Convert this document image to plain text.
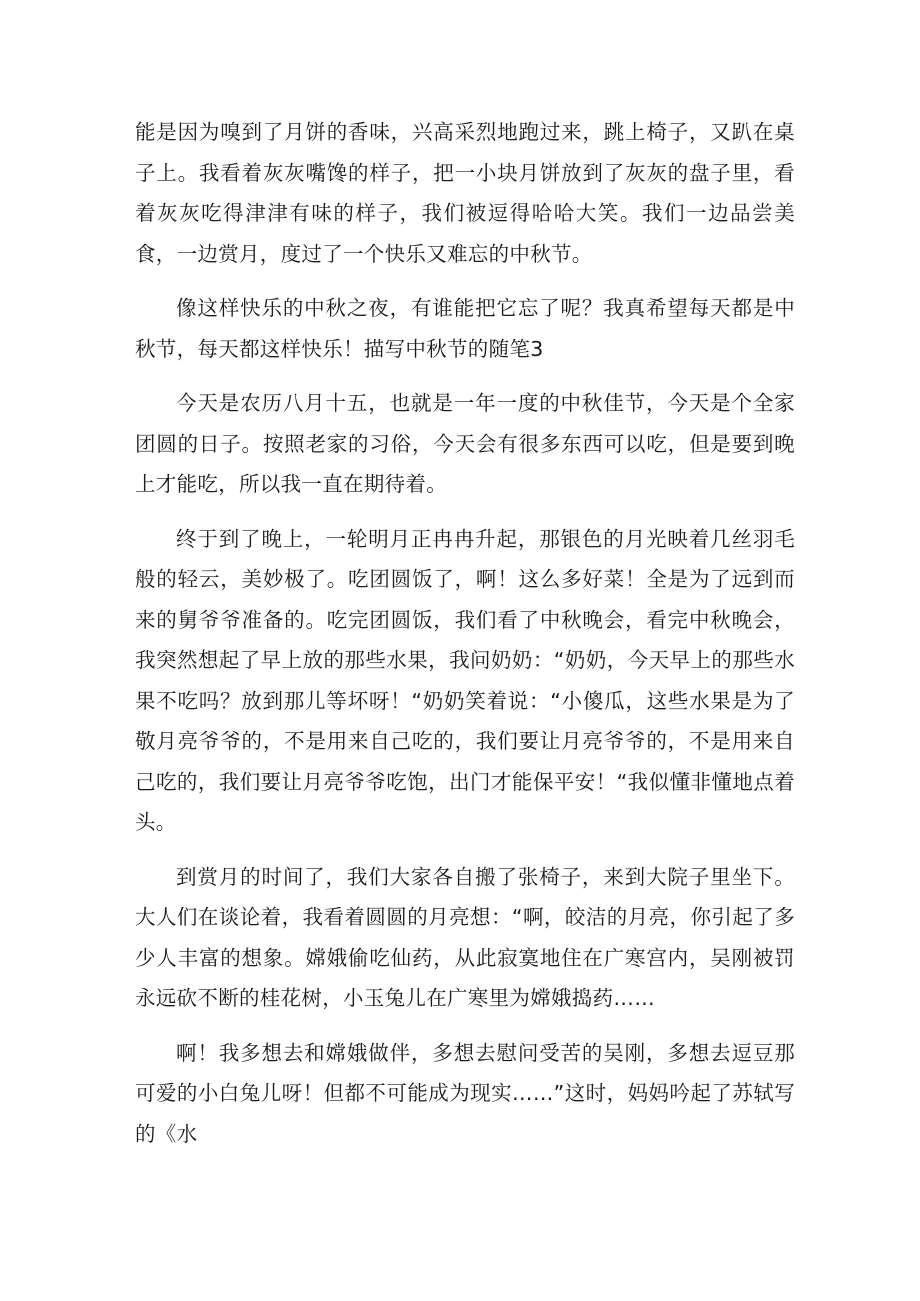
能是因为嗅到了月饼的香味，兴高采烈地跑过来，跳上椅子，又趴在桌子上。我看着灰灰嘴馋的样子，把一小块月饼放到了灰灰的盘子里，看着灰灰吃得津津有味的样子，我们被逗得哈哈大笑。我们一边品尝美食，一边赏月，度过了一个快乐又难忘的中秋节。

像这样快乐的中秋之夜，有谁能把它忘了呢？我真希望每天都是中秋节，每天都这样快乐！描写中秋节的随笔3

今天是农历八月十五，也就是一年一度的中秋佳节，今天是个全家团圆的日子。按照老家的习俗，今天会有很多东西可以吃，但是要到晚上才能吃，所以我一直在期待着。

终于到了晚上，一轮明月正冉冉升起，那银色的月光映着几丝羽毛般的轻云，美妙极了。吃团圆饭了，啊！这么多好菜！全是为了远到而来的舅爷爷准备的。吃完团圆饭，我们看了中秋晚会，看完中秋晚会，我突然想起了早上放的那些水果，我问奶奶：“奶奶，今天早上的那些水果不吃吗？放到那儿等坏呀！“奶奶笑着说：“小傻瓜，这些水果是为了敬月亮爷爷的，不是用来自己吃的，我们要让月亮爷爷的，不是用来自己吃的，我们要让月亮爷爷吃饱，出门才能保平安！“我似懂非懂地点着头。

到赏月的时间了，我们大家各自搬了张椅子，来到大院子里坐下。大人们在谈论着，我看着圆圆的月亮想：“啊，皎洁的月亮，你引起了多少人丰富的想象。嫦娥偷吃仙药，从此寂寞地住在广寒宫内，吴刚被罚永远砍不断的桂花树，小玉兔儿在广寒里为嫦娥捣药……

啊！我多想去和嫦娥做伴，多想去慰问受苦的吴刚，多想去逗豆那可爱的小白兔儿呀！但都不可能成为现实……”这时，妈妈吟起了苏轼写的《水
